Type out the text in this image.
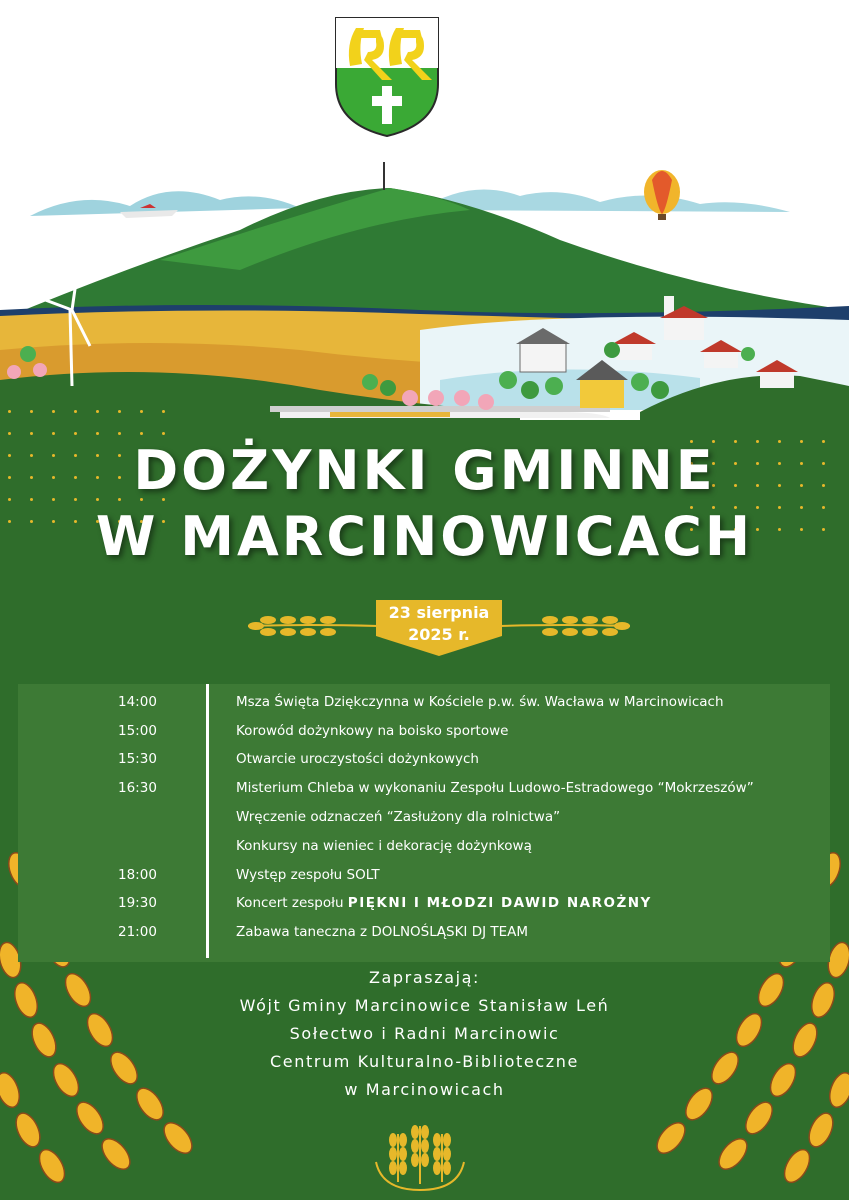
DOŻYNKI GMINNE
W MARCINOWICACH
23 sierpnia
2025 r.
14:00	Msza Święta Dziękczynna w Kościele p.w. św. Wacława w Marcinowicach
15:00	Korowód dożynkowy na boisko sportowe
15:30	Otwarcie uroczystości dożynkowych
16:30	Misterium Chleba w wykonaniu Zespołu Ludowo-Estradowego “Mokrzeszów”
Wręczenie odznaczeń “Zasłużony dla rolnictwa”
Konkursy na wieniec i dekorację dożynkową
18:00	Występ zespołu SOLT
19:30	Koncert zespołu PIĘKNI I MŁODZI DAWID NAROŻNY
21:00	Zabawa taneczna z DOLNOŚLĄSKI DJ TEAM
Zapraszają:
Wójt Gminy Marcinowice Stanisław Leń
Sołectwo i Radni Marcinowic
Centrum Kulturalno-Biblioteczne
w Marcinowicach
